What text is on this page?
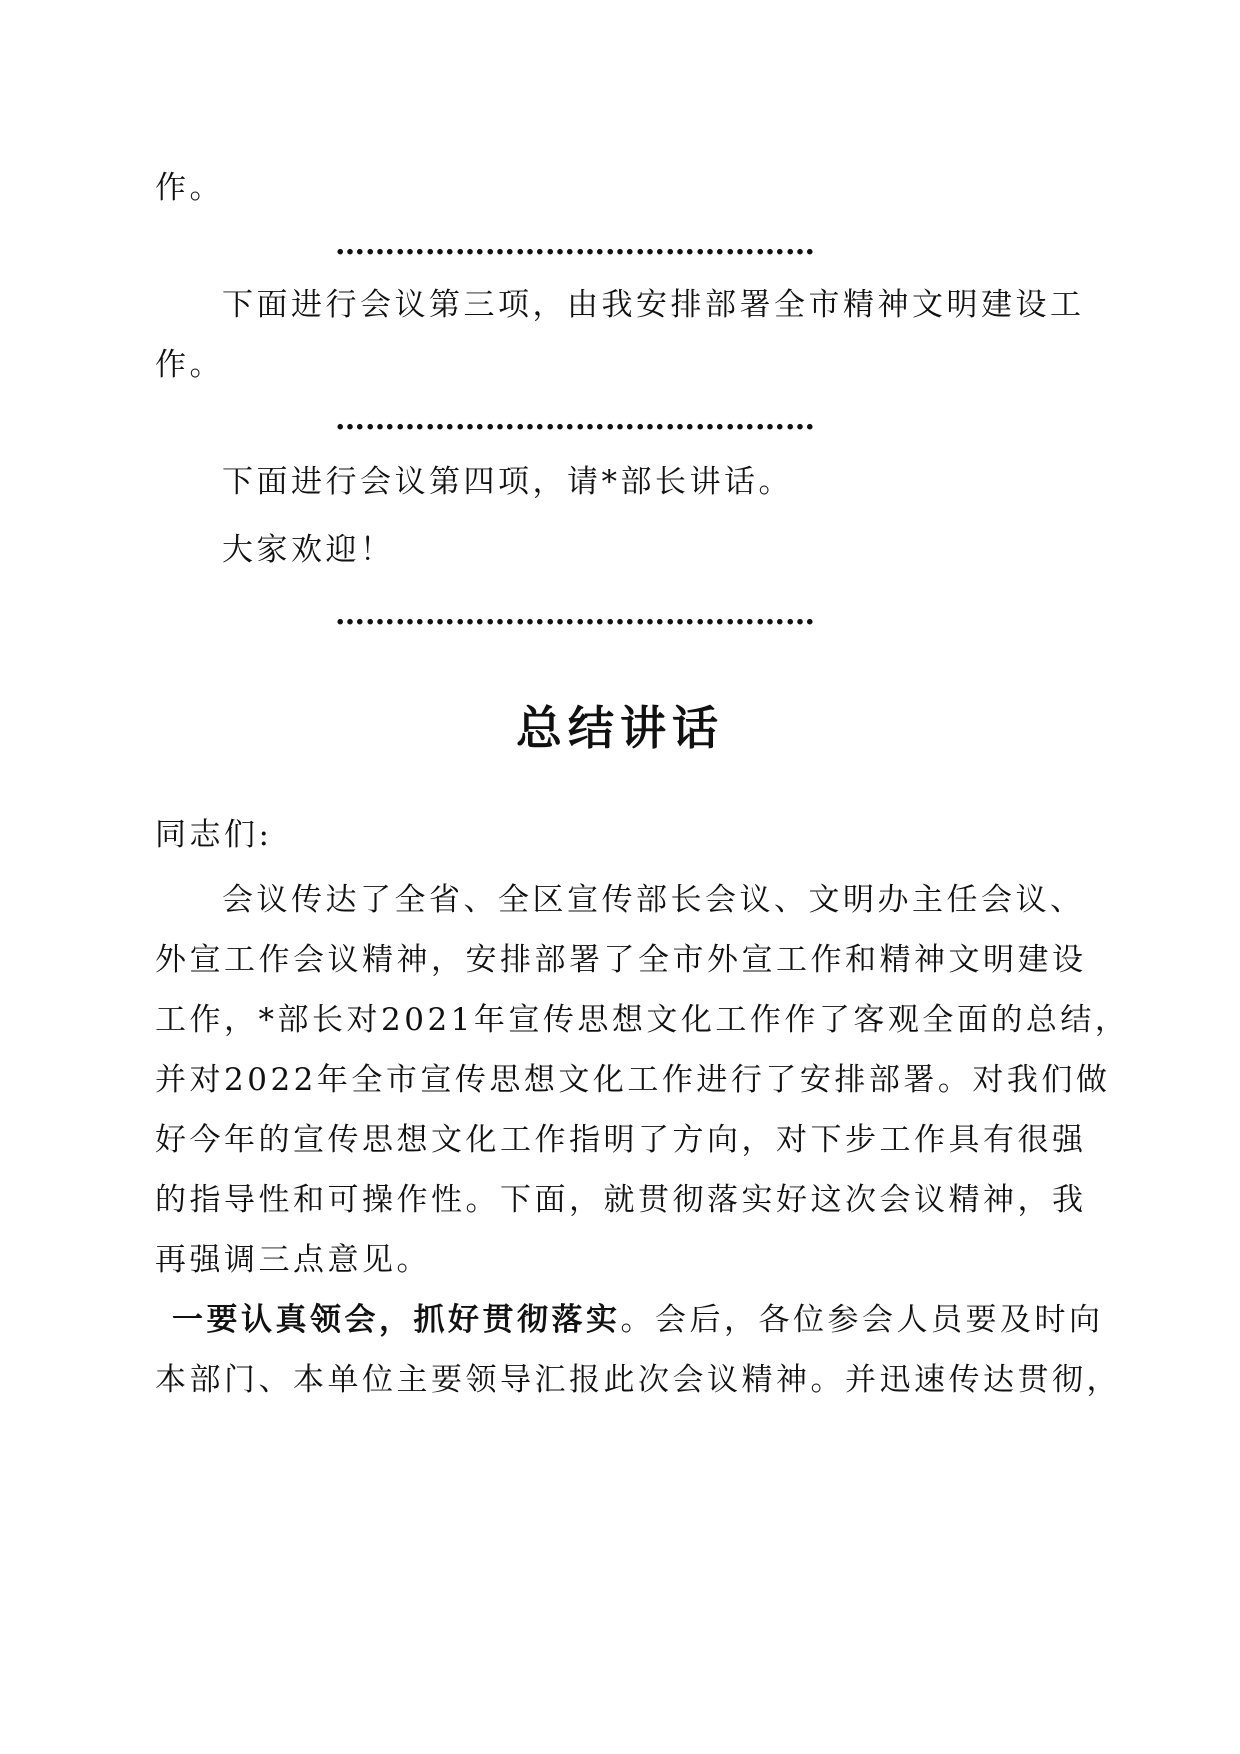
作。
…………………………………………
下面进行会议第三项，由我安排部署全市精神文明建设工
作。
…………………………………………
下面进行会议第四项，请*部长讲话。
大家欢迎！
…………………………………………
总结讲话
同志们:
会议传达了全省、全区宣传部长会议、文明办主任会议、
外宣工作会议精神，安排部署了全市外宣工作和精神文明建设
工作，*部长对2021年宣传思想文化工作作了客观全面的总结，
并对2022年全市宣传思想文化工作进行了安排部署。对我们做
好今年的宣传思想文化工作指明了方向，对下步工作具有很强
的指导性和可操作性。下面，就贯彻落实好这次会议精神，我
再强调三点意见。
一要认真领会，抓好贯彻落实。会后，各位参会人员要及时向
本部门、本单位主要领导汇报此次会议精神。并迅速传达贯彻，
